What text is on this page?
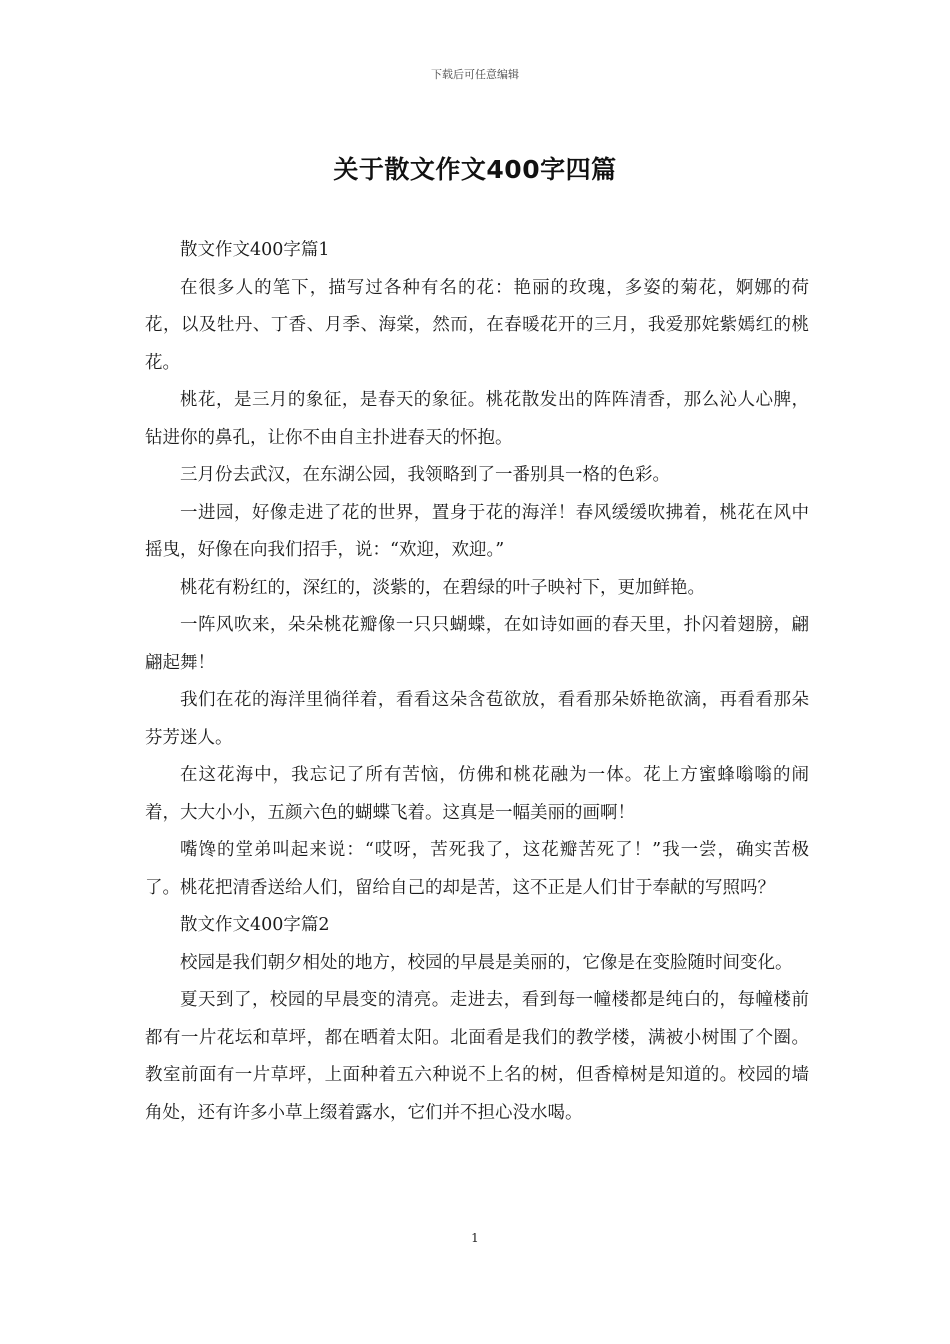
下载后可任意编辑
关于散文作文400字四篇

散文作文400字篇1

在很多人的笔下，描写过各种有名的花：艳丽的玫瑰，多姿的菊花，婀娜的荷花，以及牡丹、丁香、月季、海棠，然而，在春暖花开的三月，我爱那姹紫嫣红的桃花。

桃花，是三月的象征，是春天的象征。桃花散发出的阵阵清香，那么沁人心脾，钻进你的鼻孔，让你不由自主扑进春天的怀抱。

三月份去武汉，在东湖公园，我领略到了一番别具一格的色彩。

一进园，好像走进了花的世界，置身于花的海洋！春风缓缓吹拂着，桃花在风中摇曳，好像在向我们招手，说：“欢迎，欢迎。”

桃花有粉红的，深红的，淡紫的，在碧绿的叶子映衬下，更加鲜艳。

一阵风吹来，朵朵桃花瓣像一只只蝴蝶，在如诗如画的春天里，扑闪着翅膀，翩翩起舞！

我们在花的海洋里徜徉着，看看这朵含苞欲放，看看那朵娇艳欲滴，再看看那朵芬芳迷人。

在这花海中，我忘记了所有苦恼，仿佛和桃花融为一体。花上方蜜蜂嗡嗡的闹着，大大小小，五颜六色的蝴蝶飞着。这真是一幅美丽的画啊！

嘴馋的堂弟叫起来说：“哎呀，苦死我了，这花瓣苦死了！”我一尝，确实苦极了。桃花把清香送给人们，留给自己的却是苦，这不正是人们甘于奉献的写照吗？

散文作文400字篇2

校园是我们朝夕相处的地方，校园的早晨是美丽的，它像是在变脸随时间变化。

夏天到了，校园的早晨变的清亮。走进去，看到每一幢楼都是纯白的，每幢楼前都有一片花坛和草坪，都在晒着太阳。北面看是我们的教学楼，满被小树围了个圈。教室前面有一片草坪，上面种着五六种说不上名的树，但香樟树是知道的。校园的墙角处，还有许多小草上缀着露水，它们并不担心没水喝。

1
